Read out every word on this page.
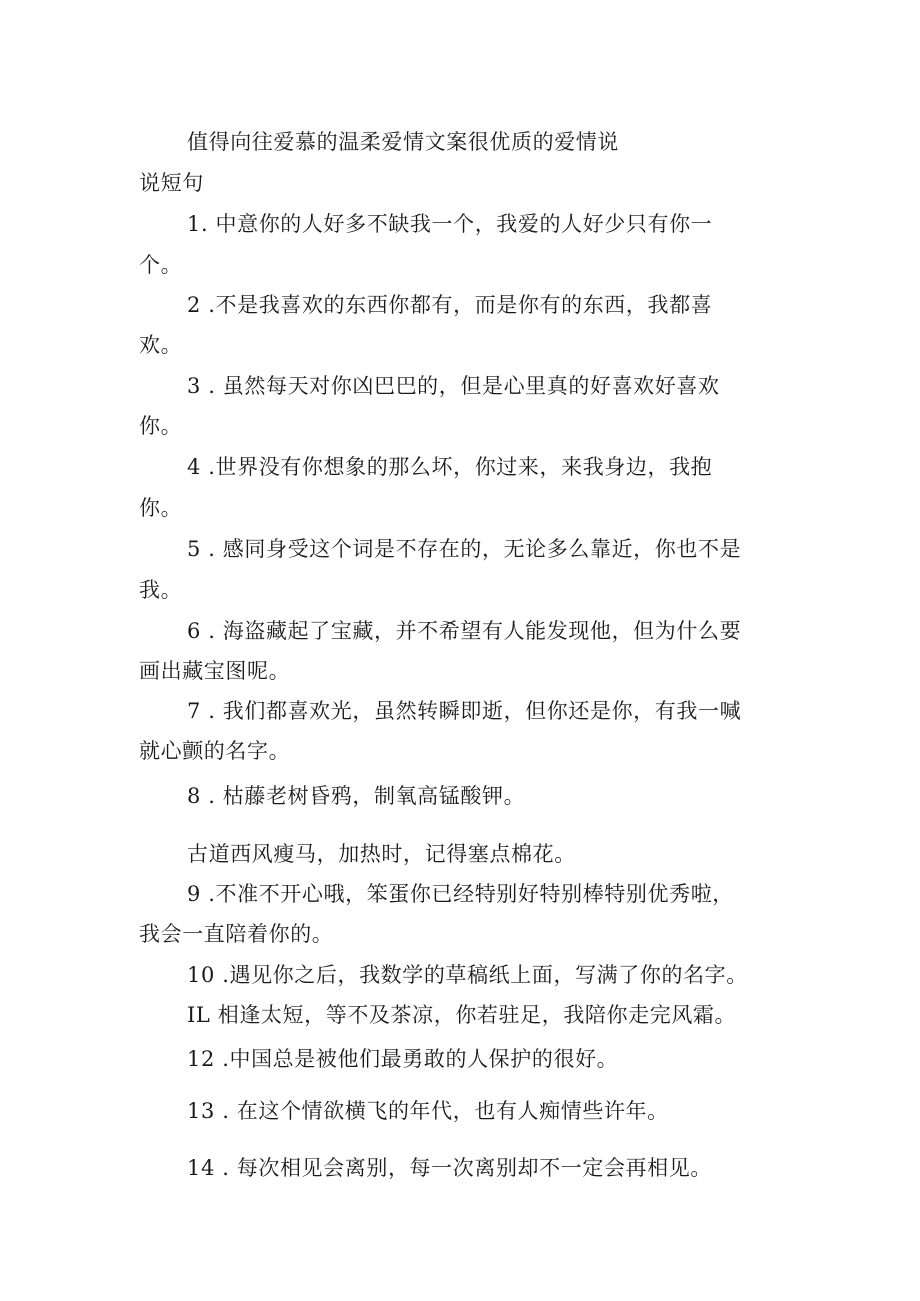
值得向往爱慕的温柔爱情文案很优质的爱情说
说短句
1. 中意你的人好多不缺我一个，我爱的人好少只有你一
个。
2 .不是我喜欢的东西你都有，而是你有的东西，我都喜
欢。
3 . 虽然每天对你凶巴巴的，但是心里真的好喜欢好喜欢
你。
4 .世界没有你想象的那么坏，你过来，来我身边，我抱
你。
5 . 感同身受这个词是不存在的，无论多么靠近，你也不是
我。
6 . 海盗藏起了宝藏，并不希望有人能发现他，但为什么要
画出藏宝图呢。
7 . 我们都喜欢光，虽然转瞬即逝，但你还是你，有我一喊
就心颤的名字。
8 . 枯藤老树昏鸦，制氧高锰酸钾。
古道西风瘦马，加热时，记得塞点棉花。
9 .不准不开心哦，笨蛋你已经特别好特别棒特别优秀啦，
我会一直陪着你的。
10 .遇见你之后，我数学的草稿纸上面，写满了你的名字。
IL 相逢太短，等不及茶凉，你若驻足，我陪你走完风霜。
12 .中国总是被他们最勇敢的人保护的很好。
13 . 在这个情欲横飞的年代，也有人痴情些许年。
14 . 每次相见会离别，每一次离别却不一定会再相见。
